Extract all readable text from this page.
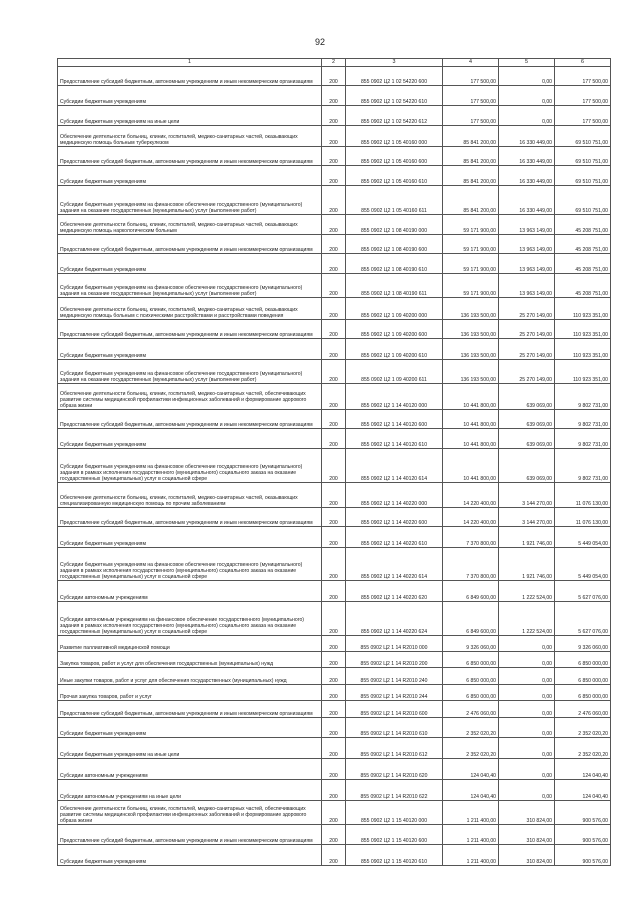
92
1	2	3	4	5	6
Предоставление субсидий бюджетным, автономным учреждениям и иным некоммерческим организациям	200	855 0902 Ц2 1 02 54220 600	177 500,00	0,00	177 500,00
Субсидии бюджетным учреждениям	200	855 0902 Ц2 1 02 54220 610	177 500,00	0,00	177 500,00
Субсидии бюджетным учреждениям на иные цели	200	855 0902 Ц2 1 02 54220 612	177 500,00	0,00	177 500,00
Обеспечение деятельности больниц, клиник, госпиталей, медико-санитарных частей, оказывающих медицинскую помощь больным туберкулезом	200	855 0902 Ц2 1 05 40160 000	85 841 200,00	16 330 449,00	69 510 751,00
Предоставление субсидий бюджетным, автономным учреждениям и иным некоммерческим организациям	200	855 0902 Ц2 1 05 40160 600	85 841 200,00	16 330 449,00	69 510 751,00
Субсидии бюджетным учреждениям	200	855 0902 Ц2 1 05 40160 610	85 841 200,00	16 330 449,00	69 510 751,00
Субсидии бюджетным учреждениям на финансовое обеспечение государственного (муниципального) задания на оказание государственных (муниципальных) услуг (выполнение работ)	200	855 0902 Ц2 1 05 40160 611	85 841 200,00	16 330 449,00	69 510 751,00
Обеспечение деятельности больниц, клиник, госпиталей, медико-санитарных частей, оказывающих медицинскую помощь наркологическим больным	200	855 0902 Ц2 1 08 40190 000	59 171 900,00	13 963 149,00	45 208 751,00
Предоставление субсидий бюджетным, автономным учреждениям и иным некоммерческим организациям	200	855 0902 Ц2 1 08 40190 600	59 171 900,00	13 963 149,00	45 208 751,00
Субсидии бюджетным учреждениям	200	855 0902 Ц2 1 08 40190 610	59 171 900,00	13 963 149,00	45 208 751,00
Субсидии бюджетным учреждениям на финансовое обеспечение государственного (муниципального) задания на оказание государственных (муниципальных) услуг (выполнение работ)	200	855 0902 Ц2 1 08 40190 611	59 171 900,00	13 963 149,00	45 208 751,00
Обеспечение деятельности больниц, клиник, госпиталей, медико-санитарных частей, оказывающих медицинскую помощь больным с психическими расстройствами и расстройствами поведения	200	855 0902 Ц2 1 09 40200 000	136 193 500,00	25 270 149,00	110 923 351,00
Предоставление субсидий бюджетным, автономным учреждениям и иным некоммерческим организациям	200	855 0902 Ц2 1 09 40200 600	136 193 500,00	25 270 149,00	110 923 351,00
Субсидии бюджетным учреждениям	200	855 0902 Ц2 1 09 40200 610	136 193 500,00	25 270 149,00	110 923 351,00
Субсидии бюджетным учреждениям на финансовое обеспечение государственного (муниципального) задания на оказание государственных (муниципальных) услуг (выполнение работ)	200	855 0902 Ц2 1 09 40200 611	136 193 500,00	25 270 149,00	110 923 351,00
Обеспечение деятельности больниц, клиник, госпиталей, медико-санитарных частей, обеспечивающих развитие системы медицинской профилактики инфекционных заболеваний и формирование здорового образа жизни	200	855 0902 Ц2 1 14 40120 000	10 441 800,00	639 069,00	9 802 731,00
Предоставление субсидий бюджетным, автономным учреждениям и иным некоммерческим организациям	200	855 0902 Ц2 1 14 40120 600	10 441 800,00	639 069,00	9 802 731,00
Субсидии бюджетным учреждениям	200	855 0902 Ц2 1 14 40120 610	10 441 800,00	639 069,00	9 802 731,00
Субсидии бюджетным учреждениям на финансовое обеспечение государственного (муниципального) задания в рамках исполнения государственного (муниципального) социального заказа на оказание государственных (муниципальных) услуг в социальной сфере	200	855 0902 Ц2 1 14 40120 614	10 441 800,00	639 069,00	9 802 731,00
Обеспечение деятельности больниц, клиник, госпиталей, медико-санитарных частей, оказывающих специализированную медицинскую помощь по прочим заболеваниям	200	855 0902 Ц2 1 14 40220 000	14 220 400,00	3 144 270,00	11 076 130,00
Предоставление субсидий бюджетным, автономным учреждениям и иным некоммерческим организациям	200	855 0902 Ц2 1 14 40220 600	14 220 400,00	3 144 270,00	11 076 130,00
Субсидии бюджетным учреждениям	200	855 0902 Ц2 1 14 40220 610	7 370 800,00	1 921 746,00	5 449 054,00
Субсидии бюджетным учреждениям на финансовое обеспечение государственного (муниципального) задания в рамках исполнения государственного (муниципального) социального заказа на оказание государственных (муниципальных) услуг в социальной сфере	200	855 0902 Ц2 1 14 40220 614	7 370 800,00	1 921 746,00	5 449 054,00
Субсидии автономным учреждениям	200	855 0902 Ц2 1 14 40220 620	6 849 600,00	1 222 524,00	5 627 076,00
Субсидии автономным учреждениям на финансовое обеспечение государственного (муниципального) задания в рамках исполнения государственного (муниципального) социального заказа на оказание государственных (муниципальных) услуг в социальной сфере	200	855 0902 Ц2 1 14 40220 624	6 849 600,00	1 222 524,00	5 627 076,00
Развитие паллиативной медицинской помощи	200	855 0902 Ц2 1 14 R2010 000	9 326 060,00	0,00	9 326 060,00
Закупка товаров, работ и услуг для обеспечения государственных (муниципальных) нужд	200	855 0902 Ц2 1 14 R2010 200	6 850 000,00	0,00	6 850 000,00
Иные закупки товаров, работ и услуг для обеспечения государственных (муниципальных) нужд	200	855 0902 Ц2 1 14 R2010 240	6 850 000,00	0,00	6 850 000,00
Прочая закупка товаров, работ и услуг	200	855 0902 Ц2 1 14 R2010 244	6 850 000,00	0,00	6 850 000,00
Предоставление субсидий бюджетным, автономным учреждениям и иным некоммерческим организациям	200	855 0902 Ц2 1 14 R2010 600	2 476 060,00	0,00	2 476 060,00
Субсидии бюджетным учреждениям	200	855 0902 Ц2 1 14 R2010 610	2 352 020,20	0,00	2 352 020,20
Субсидии бюджетным учреждениям на иные цели	200	855 0902 Ц2 1 14 R2010 612	2 352 020,20	0,00	2 352 020,20
Субсидии автономным учреждениям	200	855 0902 Ц2 1 14 R2010 620	124 040,40	0,00	124 040,40
Субсидии автономным учреждениям на иные цели	200	855 0902 Ц2 1 14 R2010 622	124 040,40	0,00	124 040,40
Обеспечение деятельности больниц, клиник, госпиталей, медико-санитарных частей, обеспечивающих развитие системы медицинской профилактики инфекционных заболеваний и формирование здорового образа жизни	200	855 0902 Ц2 1 15 40120 000	1 211 400,00	310 824,00	900 576,00
Предоставление субсидий бюджетным, автономным учреждениям и иным некоммерческим организациям	200	855 0902 Ц2 1 15 40120 600	1 211 400,00	310 824,00	900 576,00
Субсидии бюджетным учреждениям	200	855 0902 Ц2 1 15 40120 610	1 211 400,00	310 824,00	900 576,00
